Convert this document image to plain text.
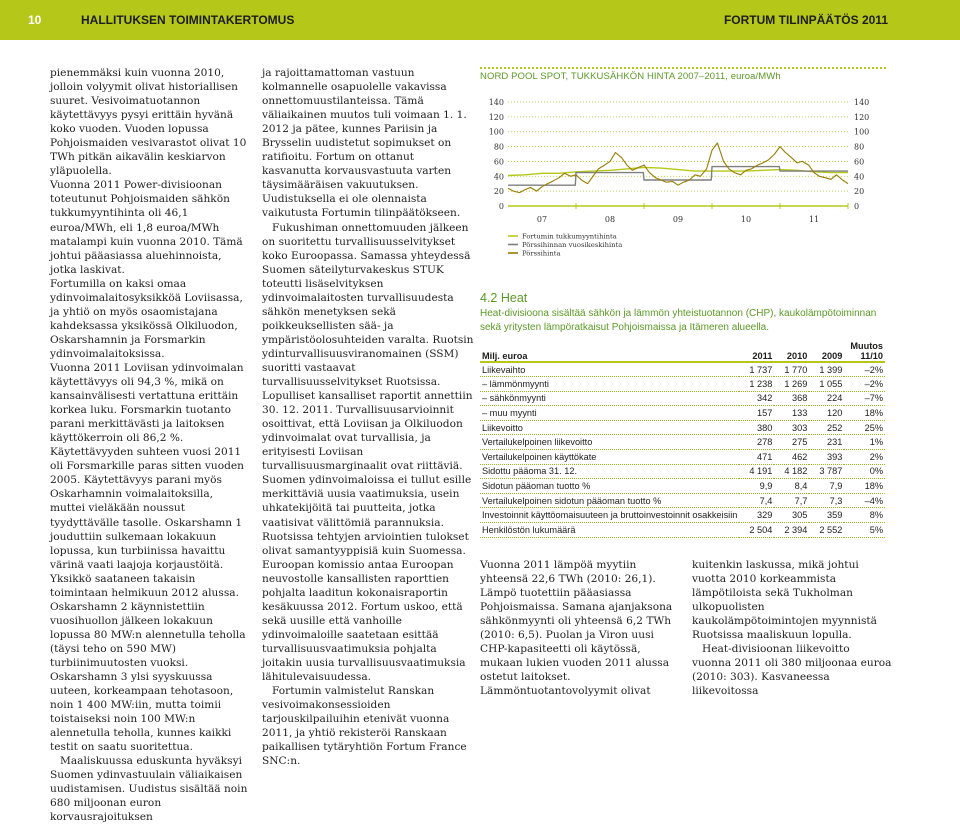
10	HALLITUKSEN TOIMINTAKERTOMUS	FORTUM TILINPÄÄTÖS 2011

pienemmäksi kuin vuonna 2010, jolloin volyymit olivat historiallisen suuret. Vesivoimatuotannon käytettävyys pysyi erittäin hyvänä koko vuoden. Vuoden lopussa Pohjoismaiden vesivarastot olivat 10 TWh pitkän aikavälin keskiarvon yläpuolella.

Vuonna 2011 Power-divisioonan toteutunut Pohjoismaiden sähkön tukkumyyntihinta oli 46,1 euroa/MWh, eli 1,8 euroa/MWh matalampi kuin vuonna 2010. Tämä johtui pääasiassa aluehinnoista, jotka laskivat.

Fortumilla on kaksi omaa ydinvoimalaitosyksikköä Loviisassa, ja yhtiö on myös osaomistajana kahdeksassa yksikössä Olkiluodon, Oskarshamnin ja Forsmarkin ydinvoimalaitoksissa.

Vuonna 2011 Loviisan ydinvoimalan käytettävyys oli 94,3 %, mikä on kansainvälisesti vertattuna erittäin korkea luku. Forsmarkin tuotanto parani merkittävästi ja laitoksen käyttökerroin oli 86,2 %. Käytettävyyden suhteen vuosi 2011 oli Forsmarkille paras sitten vuoden 2005. Käytettävyys parani myös Oskarhamnin voimalaitoksilla, muttei vieläkään noussut tyydyttävälle tasolle. Oskarshamn 1 jouduttiin sulkemaan lokakuun lopussa, kun turbiinissa havaittu värinä vaati laajoja korjaustöitä. Yksikkö saataneen takaisin toimintaan helmikuun 2012 alussa. Oskarshamn 2 käynnistettiin vuosihuollon jälkeen lokakuun lopussa 80 MW:n alennetulla teholla (täysi teho on 590 MW) turbiinimuutosten vuoksi. Oskarshamn 3 ylsi syyskuussa uuteen, korkeampaan tehotasoon, noin 1 400 MW:iin, mutta toimii toistaiseksi noin 100 MW:n alennetulla teholla, kunnes kaikki testit on saatu suoritettua.

Maaliskuussa eduskunta hyväksyi Suomen ydinvastuulain väliaikaisen uudistamisen. Uudistus sisältää noin 680 miljoonan euron korvausrajoituksen

ja rajoittamattoman vastuun kolmannelle osapuolelle vakavissa onnettomuustilanteissa. Tämä väliaikainen muutos tuli voimaan 1. 1. 2012 ja pätee, kunnes Pariisin ja Brysselin uudistetut sopimukset on ratifioitu. Fortum on ottanut kasvanutta korvausvastuuta varten täysimääräisen vakuutuksen. Uudistuksella ei ole olennaista vaikutusta Fortumin tilinpäätökseen.

Fukushiman onnettomuuden jälkeen on suoritettu turvallisuusselvitykset koko Euroopassa. Samassa yhteydessä Suomen säteilyturvakeskus STUK toteutti lisäselvityksen ydinvoimalaitosten turvallisuudesta sähkön menetyksen sekä poikkeuksellisten sää- ja ympäristöolosuhteiden varalta. Ruotsin ydinturvallisuusviranomainen (SSM) suoritti vastaavat turvallisuusselvitykset Ruotsissa. Lopulliset kansalliset raportit annettiin 30. 12. 2011. Turvallisuusarvioinnit osoittivat, että Loviisan ja Olkiluodon ydinvoimalat ovat turvallisia, ja erityisesti Loviisan turvallisuusmarginaalit ovat riittäviä. Suomen ydinvoimaloissa ei tullut esille merkittäviä uusia vaatimuksia, usein uhkatekijöitä tai puutteita, jotka vaatisivat välittömiä parannuksia. Ruotsissa tehtyjen arviointien tulokset olivat samantyyppisiä kuin Suomessa. Euroopan komissio antaa Euroopan neuvostolle kansallisten raporttien pohjalta laaditun kokonaisraportin kesäkuussa 2012. Fortum uskoo, että sekä uusille että vanhoille ydinvoimaloille saatetaan esittää turvallisuusvaatimuksia pohjalta joitakin uusia turvallisuusvaatimuksia lähitulevaisuudessa.

Fortumin valmistelut Ranskan vesivoimakonsessioiden tarjouskilpailuihin etenivät vuonna 2011, ja yhtiö rekisteröi Ranskaan paikallisen tytäryhtiön Fortum France SNC:n.

NORD POOL SPOT, TUKKUSÄHKÖN HINTA 2007–2011, euroa/MWh
0	0
20	20
40	40
60	60
80	80
100	100
120	120
140	140
07	08	09	10	11
Fortumin tukkumyyntihinta
Pörssihinnan vuosikeskihinta
Pörssihinta
4.2 Heat
Heat-divisioona sisältää sähkön ja lämmön yhteistuotannon (CHP), kaukolämpötoiminnan sekä yritysten lämpöratkaisut Pohjoismaissa ja Itämeren alueella.
Milj. euroa	2011	2010	2009	Muutos
11/10
Liikevaihto	1 737	1 770	1 399	–2%
– lämmönmyynti	1 238	1 269	1 055	–2%
– sähkönmyynti	342	368	224	–7%
– muu myynti	157	133	120	18%
Liikevoitto	380	303	252	25%
Vertailukelpoinen liikevoitto	278	275	231	1%
Vertailukelpoinen käyttökate	471	462	393	2%
Sidottu pääoma 31. 12.	4 191	4 182	3 787	0%
Sidotun pääoman tuotto %	9,9	8,4	7,9	18%
Vertailukelpoinen sidotun pääoman tuotto %	7,4	7,7	7,3	–4%
Investoinnit käyttöomaisuuteen ja bruttoinvestoinnit osakkeisiin	329	305	359	8%
Henkilöstön lukumäärä	2 504	2 394	2 552	5%

Vuonna 2011 lämpöä myytiin yhteensä 22,6 TWh (2010: 26,1). Lämpö tuotettiin pääasiassa Pohjoismaissa. Samana ajanjaksona sähkönmyynti oli yhteensä 6,2 TWh (2010: 6,5). Puolan ja Viron uusi CHP-kapasiteetti oli käytössä, mukaan lukien vuoden 2011 alussa ostetut laitokset. Lämmöntuotantovolyymit olivat

kuitenkin laskussa, mikä johtui vuotta 2010 korkeammista lämpötiloista sekä Tukholman ulkopuolisten kaukolämpötoimintojen myynnistä Ruotsissa maaliskuun lopulla.

Heat-divisioonan liikevoitto vuonna 2011 oli 380 miljoonaa euroa (2010: 303). Kasvaneessa liikevoitossa
